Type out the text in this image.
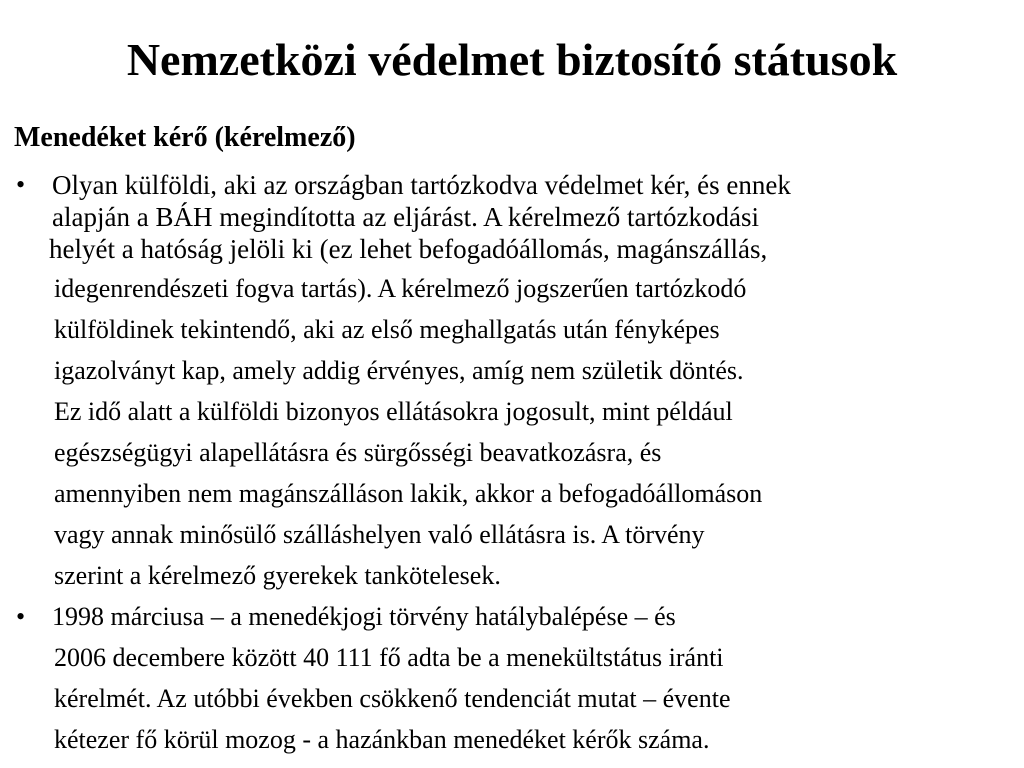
Nemzetközi védelmet biztosító státusok
Menedéket kérő (kérelmező)
• Olyan külföldi, aki az országban tartózkodva védelmet kér, és ennek
alapján a BÁH megindította az eljárást. A kérelmező tartózkodási
helyét a hatóság jelöli ki (ez lehet befogadóállomás, magánszállás,
idegenrendészeti fogva tartás). A kérelmező jogszerűen tartózkodó
külföldinek tekintendő, aki az első meghallgatás után fényképes
igazolványt kap, amely addig érvényes, amíg nem születik döntés.
Ez idő alatt a külföldi bizonyos ellátásokra jogosult, mint például
egészségügyi alapellátásra és sürgősségi beavatkozásra, és
amennyiben nem magánszálláson lakik, akkor a befogadóállomáson
vagy annak minősülő szálláshelyen való ellátásra is. A törvény
szerint a kérelmező gyerekek tankötelesek.
• 1998 márciusa – a menedékjogi törvény hatálybalépése – és
2006 decembere között 40 111 fő adta be a menekültstátus iránti
kérelmét. Az utóbbi években csökkenő tendenciát mutat – évente
kétezer fő körül mozog - a hazánkban menedéket kérők száma.
